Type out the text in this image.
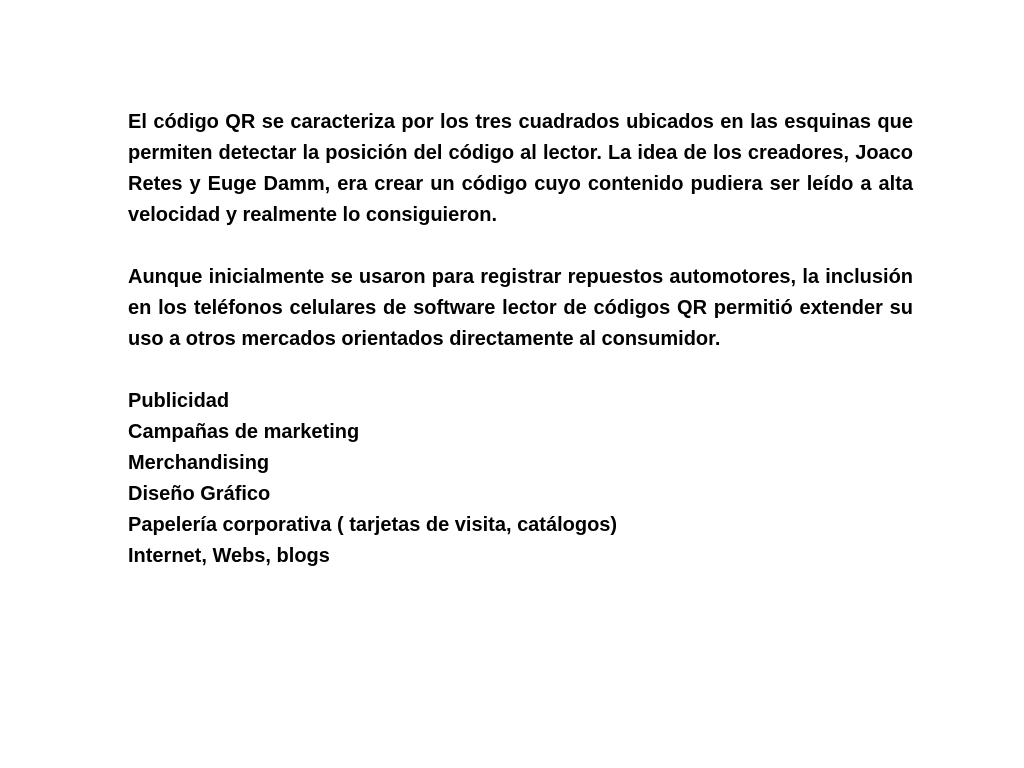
El código QR se caracteriza por los tres cuadrados ubicados en las esquinas que permiten detectar la posición del código al lector. La idea de los creadores, Joaco Retes y Euge Damm, era crear un código cuyo contenido pudiera ser leído a alta velocidad y realmente lo consiguieron.

Aunque inicialmente se usaron para registrar repuestos automotores, la inclusión en los teléfonos celulares de software lector de códigos QR permitió extender su uso a otros mercados orientados directamente al consumidor.

Publicidad
Campañas de marketing
Merchandising
Diseño Gráfico
Papelería corporativa ( tarjetas de visita, catálogos)
Internet, Webs, blogs
